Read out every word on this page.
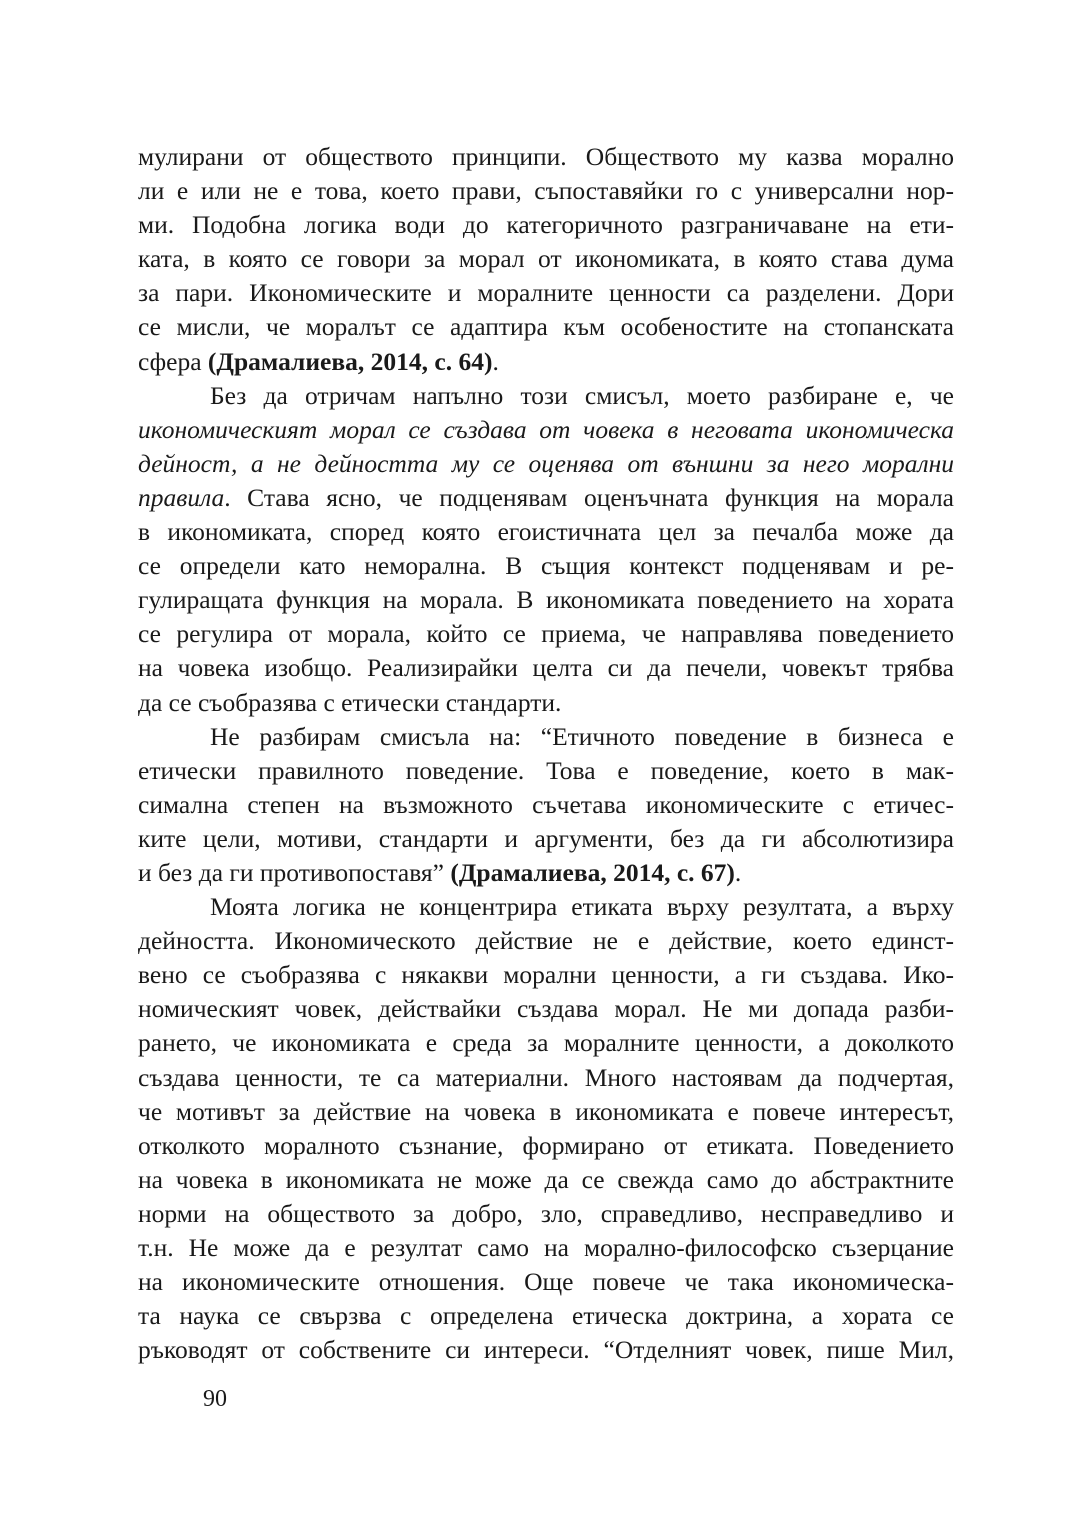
мулирани от обществото принципи. Обществото му казва морално
ли е или не е това, което прави, съпоставяйки го с универсални нор-
ми. Подобна логика води до категоричното разграничаване на ети-
ката, в която се говори за морал от икономиката, в която става дума
за пари. Икономическите и моралните ценности са разделени. Дори
се мисли, че моралът се адаптира към особеностите на стопанската
сфера (Драмалиева, 2014, с. 64).
Без да отричам напълно този смисъл, моето разбиране е, че
икономическият морал се създава от човека в неговата икономическа
дейност, а не дейността му се оценява от външни за него морални
правила. Става ясно, че подценявам оценъчната функция на морала
в икономиката, според която егоистичната цел за печалба може да
се определи като неморална. В същия контекст подценявам и ре-
гулиращата функция на морала. В икономиката поведението на хората
се регулира от морала, който се приема, че направлява поведението
на човека изобщо. Реализирайки целта си да печели, човекът трябва
да се съобразява с етически стандарти.
Не разбирам смисъла на: “Етичното поведение в бизнеса е
етически правилното поведение. Това е поведение, което в мак-
симална степен на възможното съчетава икономическите с етичес-
ките цели, мотиви, стандарти и аргументи, без да ги абсолютизира
и без да ги противопоставя” (Драмалиева, 2014, с. 67).
Моята логика не концентрира етиката върху резултата, а върху
дейността. Икономическото действие не е действие, което единст-
вено се съобразява с някакви морални ценности, а ги създава. Ико-
номическият човек, действайки създава морал. Не ми допада разби-
рането, че икономиката е среда за моралните ценности, а доколкото
създава ценности, те са материални. Много настоявам да подчертая,
че мотивът за действие на човека в икономиката е повече интересът,
отколкото моралното съзнание, формирано от етиката. Поведението
на човека в икономиката не може да се свежда само до абстрактните
норми на обществото за добро, зло, справедливо, несправедливо и
т.н. Не може да е резултат само на морално-философско съзерцание
на икономическите отношения. Още повече че така икономическа-
та наука се свързва с определена етическа доктрина, а хората се
ръководят от собствените си интереси. “Отделният човек, пише Мил,
90
